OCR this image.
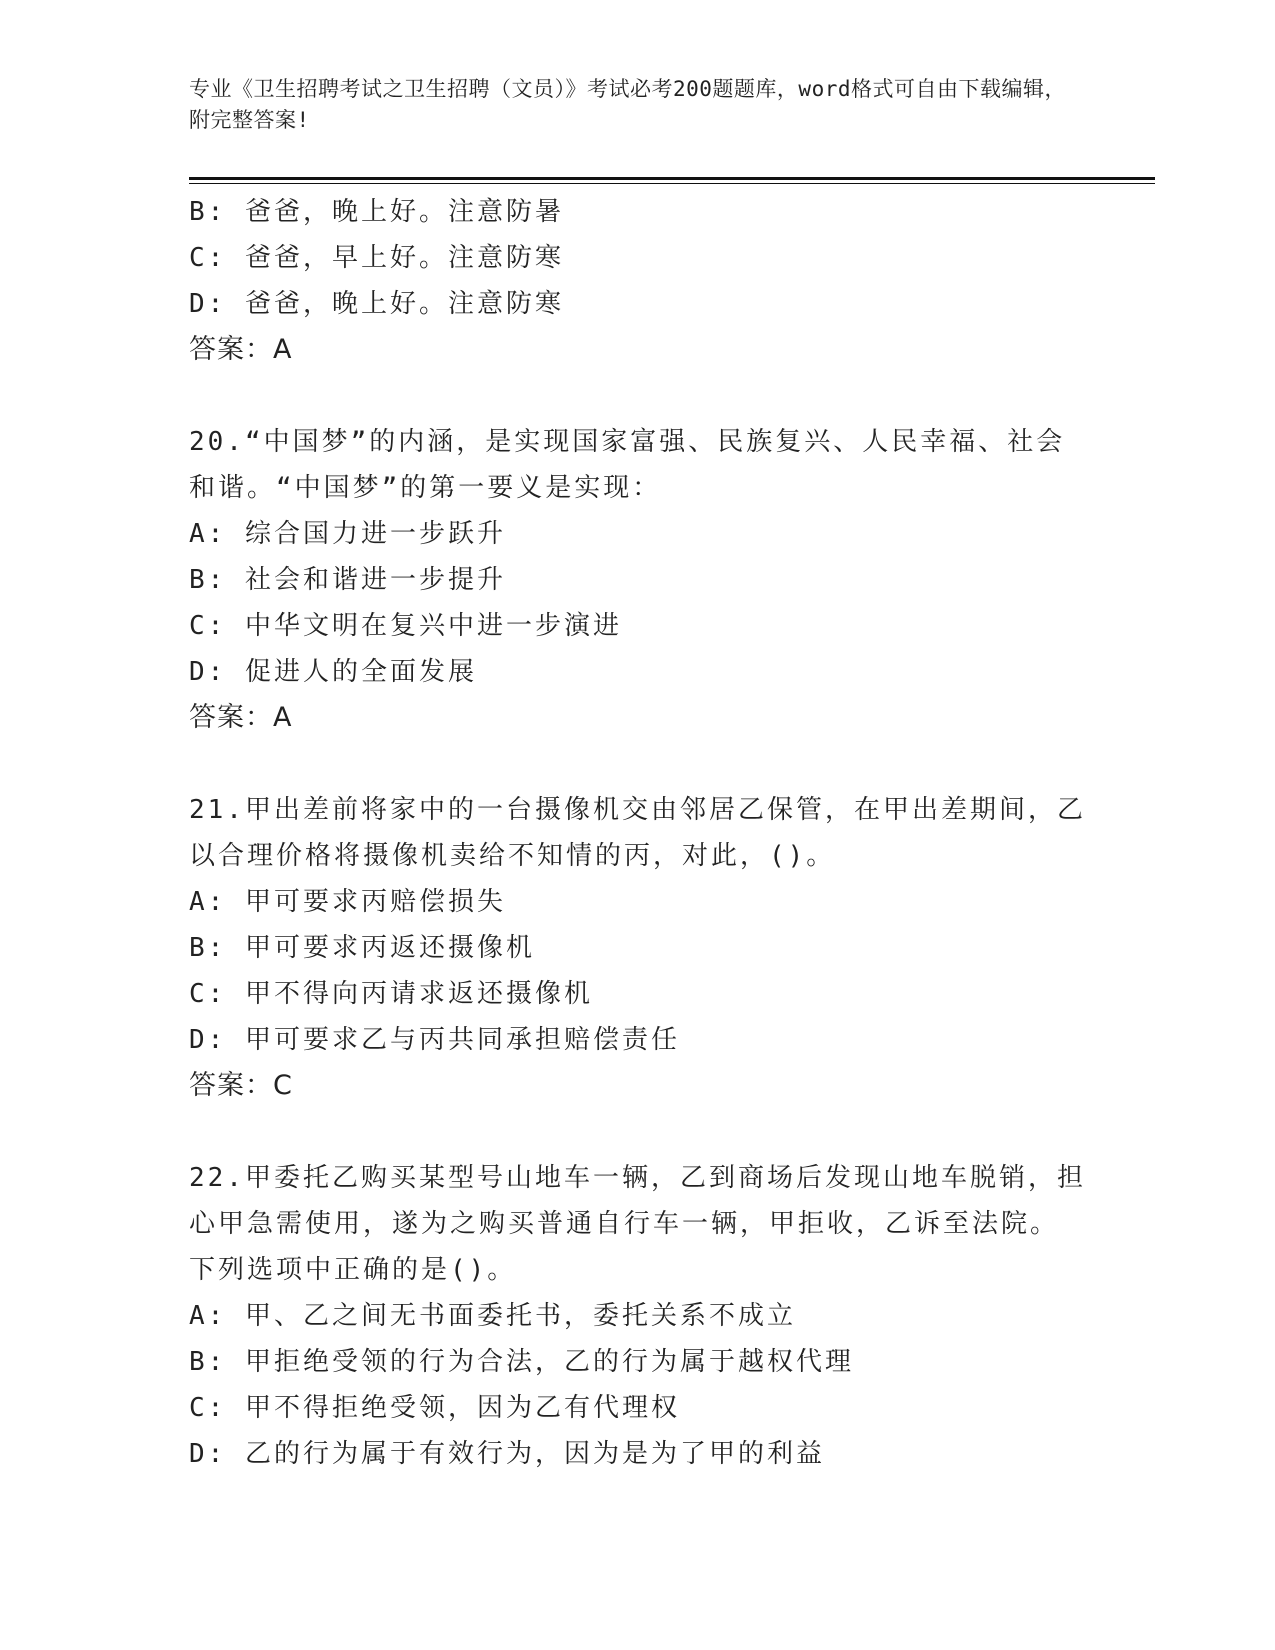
专业《卫生招聘考试之卫生招聘（文员）》考试必考200题题库，word格式可自由下载编辑，附完整答案!
B: 爸爸，晚上好。注意防暑
C: 爸爸，早上好。注意防寒
D: 爸爸，晚上好。注意防寒
答案：A
20.“中国梦”的内涵，是实现国家富强、民族复兴、人民幸福、社会
和谐。“中国梦”的第一要义是实现：
A: 综合国力进一步跃升
B: 社会和谐进一步提升
C: 中华文明在复兴中进一步演进
D: 促进人的全面发展
答案：A
21.甲出差前将家中的一台摄像机交由邻居乙保管，在甲出差期间，乙
以合理价格将摄像机卖给不知情的丙，对此，()。
A: 甲可要求丙赔偿损失
B: 甲可要求丙返还摄像机
C: 甲不得向丙请求返还摄像机
D: 甲可要求乙与丙共同承担赔偿责任
答案：C
22.甲委托乙购买某型号山地车一辆，乙到商场后发现山地车脱销，担
心甲急需使用，遂为之购买普通自行车一辆，甲拒收，乙诉至法院。
下列选项中正确的是()。
A: 甲、乙之间无书面委托书，委托关系不成立
B: 甲拒绝受领的行为合法，乙的行为属于越权代理
C: 甲不得拒绝受领，因为乙有代理权
D: 乙的行为属于有效行为，因为是为了甲的利益
